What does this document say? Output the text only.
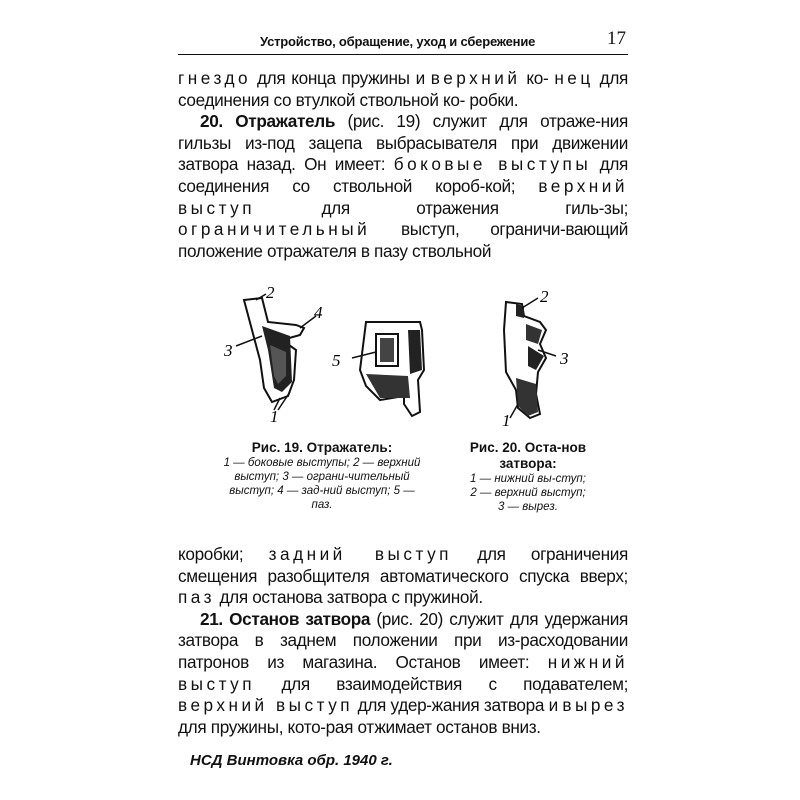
Устройство, обращение, уход и сбережение	17

гнездо для конца пружины и верхний ко- нец для соединения со втулкой ствольной ко- робки.

20. Отражатель (рис. 19) служит для отраже-ния гильзы из-под зацепа выбрасывателя при движении затвора назад. Он имеет: боковые выступы для соединения со ствольной короб-кой; верхний выступ для отражения гиль-зы; ограничительный выступ, ограничи-вающий положение отражателя в пазу ствольной

2
4
3
1
5
2
3
1
Рис. 19. Отражатель:
1 — боковые выступы; 2 — верхний выступ; 3 — ограни-чительный выступ; 4 — зад-ний выступ; 5 — паз.
Рис. 20. Оста-нов затвора:
1 — нижний вы-ступ; 2 — верхний выступ; 3 — вырез.

коробки; задний выступ для ограничения смещения разобщителя автоматического спуска вверх; паз для останова затвора с пружиной.

21. Останов затвора (рис. 20) служит для удержания затвора в заднем положении при из-расходовании патронов из магазина. Останов имеет: нижний выступ для взаимодействия с подавателем; верхний выступ для удер-жания затвора и вырез для пружины, кото-рая отжимает останов вниз.

НСД Винтовка обр. 1940 г.
